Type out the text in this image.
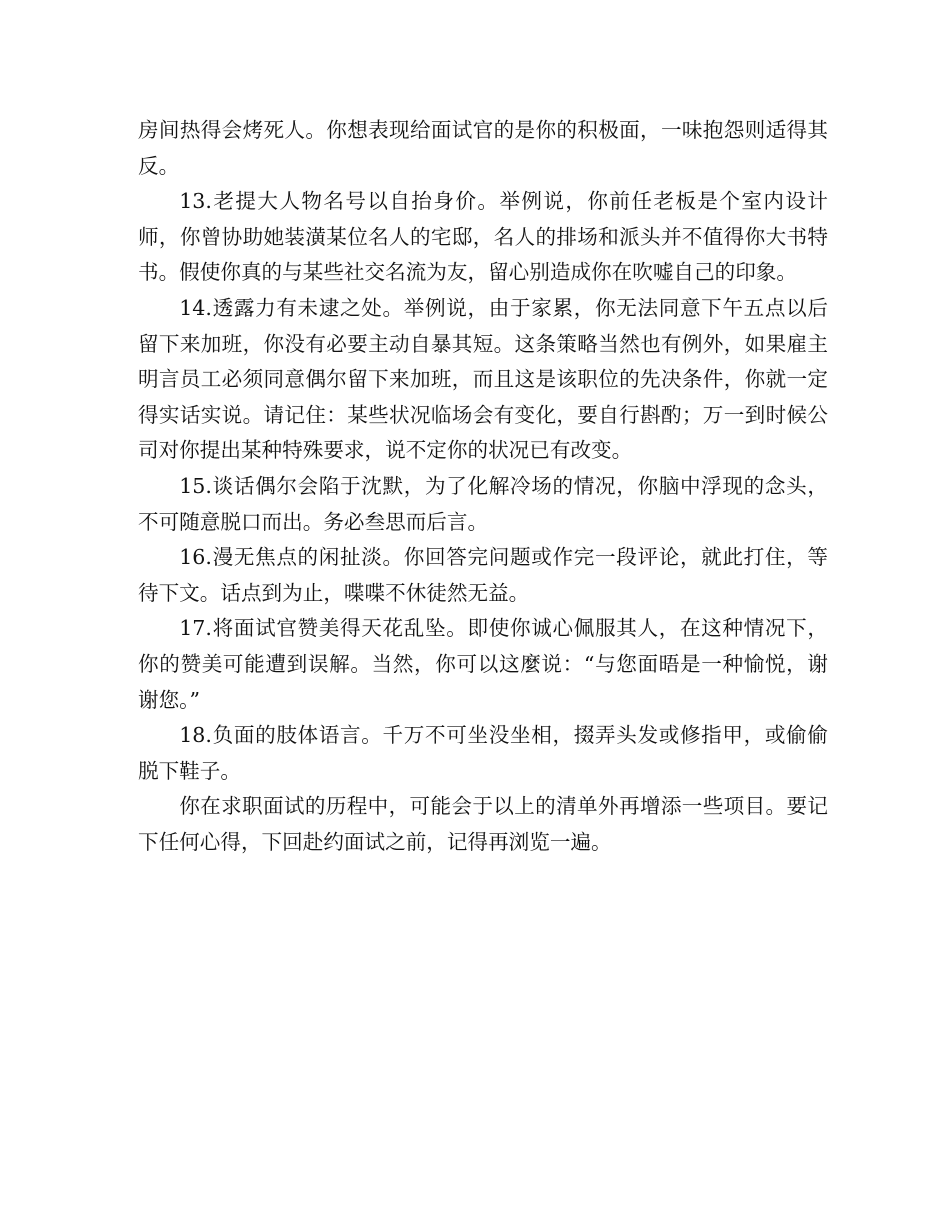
房间热得会烤死人。你想表现给面试官的是你的积极面，一味抱怨则适得其反。

13.老提大人物名号以自抬身价。举例说，你前任老板是个室内设计师，你曾协助她装潢某位名人的宅邸，名人的排场和派头并不值得你大书特书。假使你真的与某些社交名流为友，留心别造成你在吹嘘自己的印象。

14.透露力有未逮之处。举例说，由于家累，你无法同意下午五点以后留下来加班，你没有必要主动自暴其短。这条策略当然也有例外，如果雇主明言员工必须同意偶尔留下来加班，而且这是该职位的先决条件，你就一定得实话实说。请记住：某些状况临场会有变化，要自行斟酌；万一到时候公司对你提出某种特殊要求，说不定你的状况已有改变。

15.谈话偶尔会陷于沈默，为了化解冷场的情况，你脑中浮现的念头，不可随意脱口而出。务必叁思而后言。

16.漫无焦点的闲扯淡。你回答完问题或作完一段评论，就此打住，等待下文。话点到为止，喋喋不休徒然无益。

17.将面试官赞美得天花乱坠。即使你诚心佩服其人，在这种情况下，你的赞美可能遭到误解。当然，你可以这麼说：“与您面晤是一种愉悦，谢谢您。”

18.负面的肢体语言。千万不可坐没坐相，掇弄头发或修指甲，或偷偷脱下鞋子。

你在求职面试的历程中，可能会于以上的清单外再增添一些项目。要记下任何心得，下回赴约面试之前，记得再浏览一遍。
